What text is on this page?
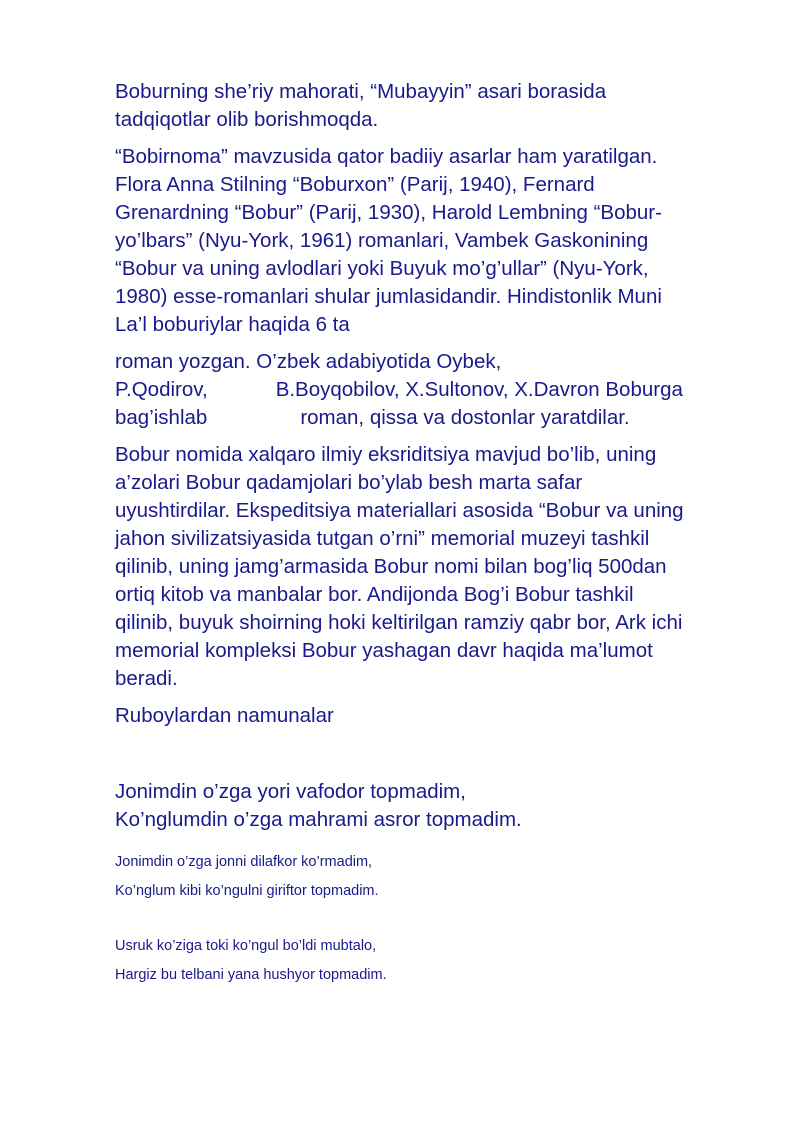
Boburning she’riy mahorati, “Mubayyin” asari borasida
tadqiqotlar olib borishmoqda.

“Bobirnoma” mavzusida qator badiiy asarlar ham yaratilgan.
Flora Anna Stilning “Boburxon” (Parij, 1940), Fernard
Grenardning “Bobur” (Parij, 1930), Harold Lembning “Bobur-
yo’lbars” (Nyu-York, 1961) romanlari, Vambek Gaskonining
“Bobur va uning avlodlari yoki Buyuk mo’g’ullar” (Nyu-York,
1980) esse-romanlari shular jumlasidandir. Hindistonlik Muni
La’l boburiylar haqida 6 ta

roman yozgan. O’zbek adabiyotida Oybek,
P.Qodirov,	B.Boyqobilov, X.Sultonov, X.Davron Boburga
bag’ishlab	roman, qissa va dostonlar yaratdilar.

Bobur nomida xalqaro ilmiy eksriditsiya mavjud bo’lib, uning
a’zolari Bobur qadamjolari bo’ylab besh marta safar
uyushtirdilar. Ekspeditsiya materiallari asosida “Bobur va uning
jahon sivilizatsiyasida tutgan o’rni” memorial muzeyi tashkil
qilinib, uning jamg’armasida Bobur nomi bilan bog’liq 500dan
ortiq kitob va manbalar bor. Andijonda Bog’i Bobur tashkil
qilinib, buyuk shoirning hoki keltirilgan ramziy qabr bor, Ark ichi
memorial kompleksi Bobur yashagan davr haqida ma’lumot
beradi.

Ruboylardan namunalar
Jonimdin o’zga yori vafodor topmadim,
Ko’nglumdin o’zga mahrami asror topmadim.
Jonimdin o’zga jonni dilafkor ko’rmadim,
Ko’nglum kibi ko’ngulni giriftor topmadim.
Usruk ko’ziga toki ko’ngul bo’ldi mubtalo,
Hargiz bu telbani yana hushyor topmadim.
